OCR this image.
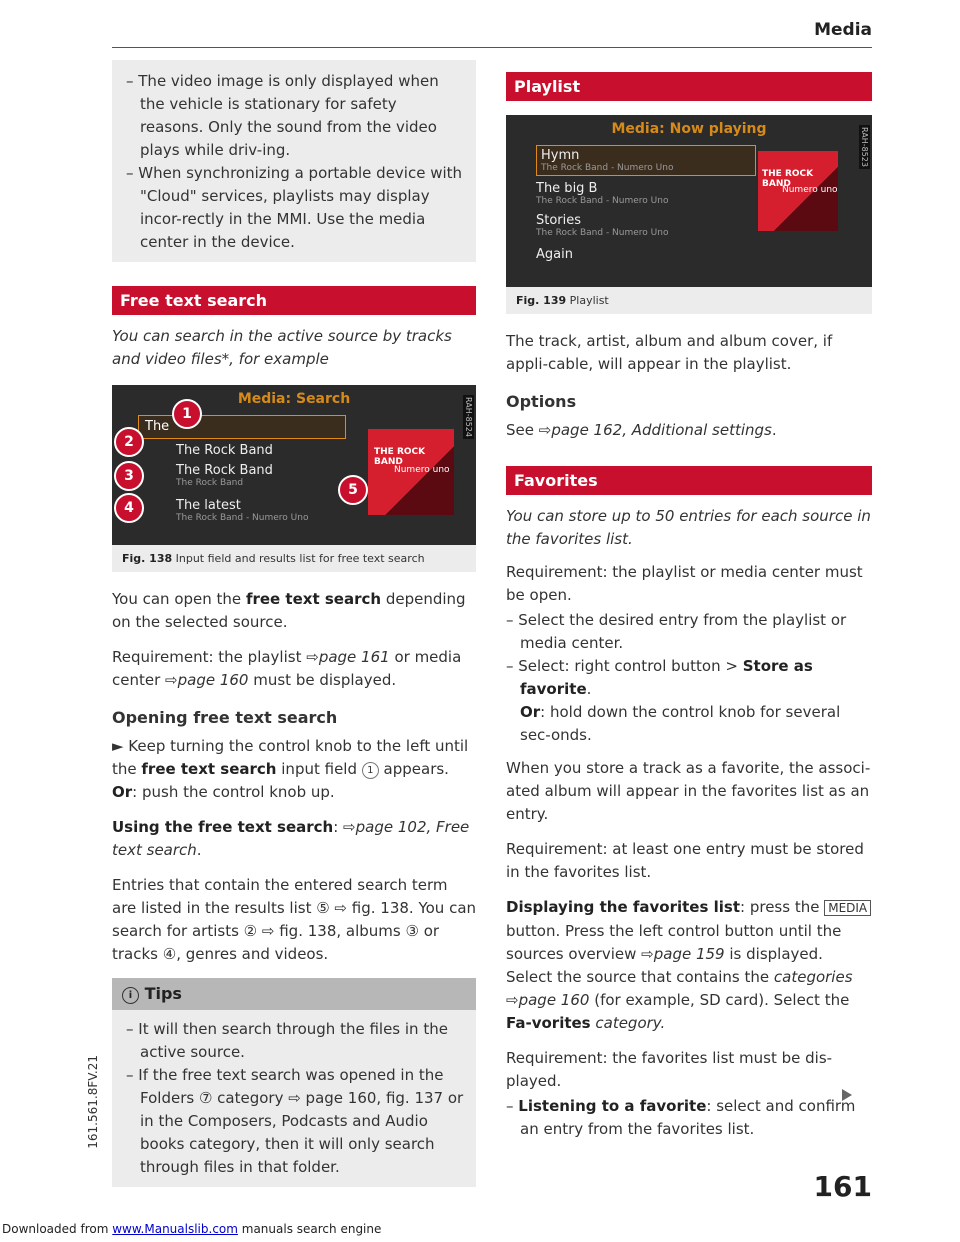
Media
– The video image is only displayed when the vehicle is stationary for safety reasons. Only the sound from the video plays while driv-ing.
– When synchronizing a portable device with "Cloud" services, playlists may display incor-rectly in the MMI. Use the media center in the device.
Free text search

You can search in the active source by tracks and video files*, for example

Media: Search	RAH-8524
The
The Rock Band
The Rock Band
The Rock Band
The latest
The Rock Band - Numero Uno
THE ROCK BAND
Numero uno
1
2
3
4
5
Fig. 138 Input field and results list for free text search

You can open the free text search depending on the selected source.

Requirement: the playlist ⇨page 161 or media center ⇨page 160 must be displayed.

Opening free text search

► Keep turning the control knob to the left until the free text search input field 1 appears. Or: push the control knob up.

Using the free text search: ⇨page 102, Free text search.

Entries that contain the entered search term are listed in the results list ⑤ ⇨ fig. 138. You can search for artists ② ⇨ fig. 138, albums ③ or tracks ④, genres and videos.

i Tips
– It will then search through the files in the active source.
– If the free text search was opened in the Folders ⑦ category ⇨ page 160, fig. 137 or in the Composers, Podcasts and Audio books category, then it will only search through files in that folder.
Playlist
Media: Now playing	RAH-8523
Hymn
The Rock Band - Numero Uno
The big B
The Rock Band - Numero Uno
Stories
The Rock Band - Numero Uno
Again
THE ROCK BAND
Numero uno
Fig. 139 Playlist

The track, artist, album and album cover, if appli-cable, will appear in the playlist.

Options

See ⇨page 162, Additional settings.

Favorites

You can store up to 50 entries for each source in the favorites list.

Requirement: the playlist or media center must be open.

– Select the desired entry from the playlist or media center.
– Select: right control button > Store as favorite.
Or: hold down the control knob for several sec-onds.

When you store a track as a favorite, the associ-ated album will appear in the favorites list as an entry.

Requirement: at least one entry must be stored in the favorites list.

Displaying the favorites list: press the MEDIA button. Press the left control button until the sources overview ⇨page 159 is displayed. Select the source that contains the categories ⇨page 160 (for example, SD card). Select the Fa-vorites category.

Requirement: the favorites list must be dis-played.

– Listening to a favorite: select and confirm an entry from the favorites list.
161.561.8FV.21
161
Downloaded from www.Manualslib.com manuals search engine
